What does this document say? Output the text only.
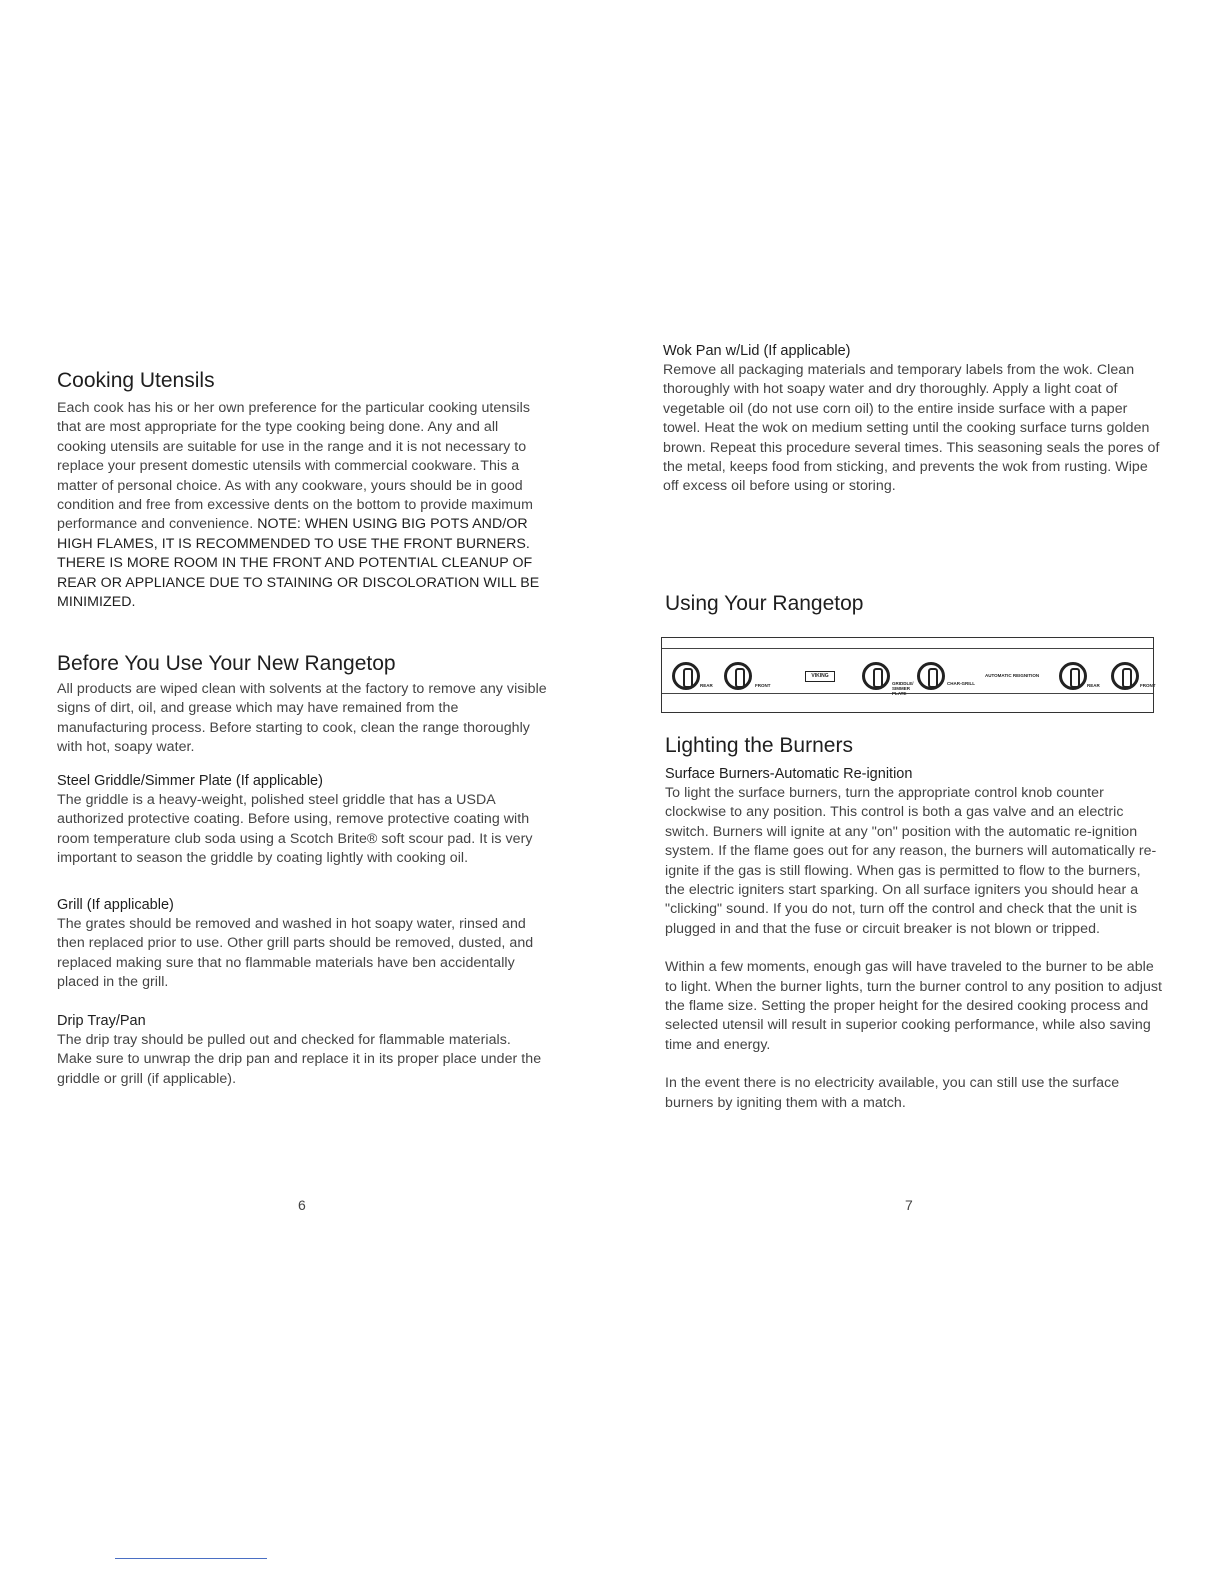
Cooking Utensils

Each cook has his or her own preference for the particular cooking utensils that are most appropriate for the type cooking being done. Any and all cooking utensils are suitable for use in the range and it is not necessary to replace your present domestic utensils with commercial cookware. This a matter of personal choice. As with any cookware, yours should be in good condition and free from excessive dents on the bottom to provide maximum performance and convenience. NOTE: WHEN USING BIG POTS AND/OR HIGH FLAMES, IT IS RECOMMENDED TO USE THE FRONT BURNERS. THERE IS MORE ROOM IN THE FRONT AND POTENTIAL CLEANUP OF REAR OR APPLIANCE DUE TO STAINING OR DISCOLORATION WILL BE MINIMIZED.

Before You Use Your New Rangetop

All products are wiped clean with solvents at the factory to remove any visible signs of dirt, oil, and grease which may have remained from the manufacturing process. Before starting to cook, clean the range thoroughly with hot, soapy water.

Steel Griddle/Simmer Plate (If applicable)

The griddle is a heavy-weight, polished steel griddle that has a USDA authorized protective coating. Before using, remove protective coating with room temperature club soda using a Scotch Brite® soft scour pad. It is very important to season the griddle by coating lightly with cooking oil.

Grill (If applicable)

The grates should be removed and washed in hot soapy water, rinsed and then replaced prior to use. Other grill parts should be removed, dusted, and replaced making sure that no flammable materials have ben accidentally placed in the grill.

Drip Tray/Pan

The drip tray should be pulled out and checked for flammable materials. Make sure to unwrap the drip pan and replace it in its proper place under the griddle or grill (if applicable).

6
Wok Pan w/Lid (If applicable)

Remove all packaging materials and temporary labels from the wok. Clean thoroughly with hot soapy water and dry thoroughly. Apply a light coat of vegetable oil (do not use corn oil) to the entire inside surface with a paper towel. Heat the wok on medium setting until the cooking surface turns golden brown. Repeat this procedure several times. This seasoning seals the pores of the metal, keeps food from sticking, and prevents the wok from rusting. Wipe off excess oil before using or storing.

Using Your Rangetop
REAR	FRONT
VIKING
GRIDDLE/ SIMMER PLATE
CHAR-GRILL
AUTOMATIC REIGNITION
REAR	FRONT
Lighting the Burners
Surface Burners-Automatic Re-ignition

To light the surface burners, turn the appropriate control knob counter clockwise to any position. This control is both a gas valve and an electric switch. Burners will ignite at any "on" position with the automatic re-ignition system. If the flame goes out for any reason, the burners will automatically re-ignite if the gas is still flowing. When gas is permitted to flow to the burners, the electric igniters start sparking. On all surface igniters you should hear a "clicking" sound. If you do not, turn off the control and check that the unit is plugged in and that the fuse or circuit breaker is not blown or tripped.

Within a few moments, enough gas will have traveled to the burner to be able to light. When the burner lights, turn the burner control to any position to adjust the flame size. Setting the proper height for the desired cooking process and selected utensil will result in superior cooking performance, while also saving time and energy.

In the event there is no electricity available, you can still use the surface burners by igniting them with a match.

7
